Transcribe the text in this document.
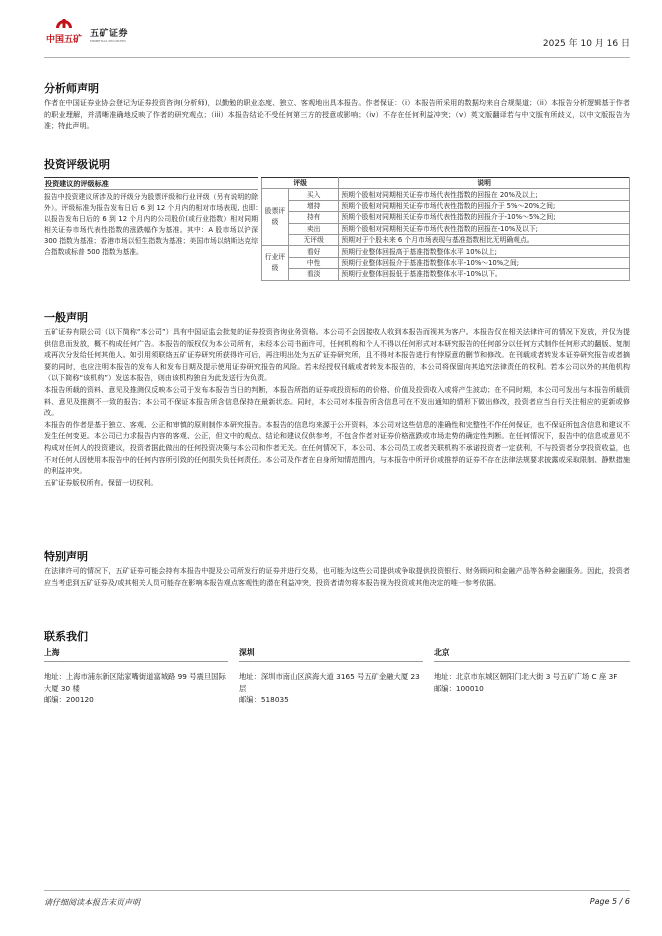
中国五矿
五矿证券
MINMETALS SECURITIES	2025 年 10 月 16 日
分析师声明

作者在中国证券业协会登记为证券投资咨询(分析师)，以勤勉的职业态度、独立、客观地出具本报告。作者保证：（i）本报告所采用的数据均来自合规渠道；（ii）本报告分析逻辑基于作者的职业理解，并清晰准确地反映了作者的研究观点；（iii）本报告结论不受任何第三方的授意或影响；（iv）不存在任何利益冲突；（v）英文版翻译若与中文版有所歧义，以中文版报告为准；特此声明。

投资评级说明
投资建议的评级标准
报告中投资建议所涉及的评级分为股票评级和行业评级（另有说明的除外）。评级标准为报告发布日后 6 到 12 个月内的相对市场表现, 也即:以报告发布日后的 6 到 12 个月内的公司股价(或行业指数）相对同期相关证券市场代表性指数的涨跌幅作为基准。其中：A 股市场以沪深 300 指数为基准；香港市场以恒生指数为基准；美国市场以纳斯达克综合指数或标普 500 指数为基准。
评级		说明
股票评级	买入	预期个股相对同期相关证券市场代表性指数的回报在 20%及以上;
	增持	预期个股相对同期相关证券市场代表性指数的回报介于 5%～20%之间;
	持有	预期个股相对同期相关证券市场代表性指数的回报介于-10%～5%之间;
	卖出	预期个股相对同期相关证券市场代表性指数的回报在-10%及以下;
	无评级	预期对于个股未来 6 个月市场表现与基准指数相比无明确观点。
行业评级	看好	预期行业整体回报高于基准指数整体水平 10%以上;
	中性	预期行业整体回报介于基准指数整体水平-10%～10%之间;
	看淡	预期行业整体回报低于基准指数整体水平-10%以下。
一般声明

五矿证券有限公司（以下简称“本公司”）具有中国证监会批复的证券投资咨询业务资格。本公司不会因接收人收到本报告而视其为客户。本报告仅在相关法律许可的情况下发放，并仅为提供信息而发放，概不构成任何广告。本报告的版权仅为本公司所有，未经本公司书面许可，任何机构和个人不得以任何形式对本研究报告的任何部分以任何方式制作任何形式的翻版、复制或再次分发给任何其他人。如引用须联络五矿证券研究所获得许可后，再注明出处为五矿证券研究所，且不得对本报告进行有悖原意的删节和修改。在刊载或者转发本证券研究报告或者摘要的同时，也应注明本报告的发布人和发布日期及提示使用证券研究报告的风险。若未经授权刊载或者转发本报告的，本公司将保留向其追究法律责任的权利。若本公司以外的其他机构（以下简称“该机构”）发送本报告，则由该机构独自为此发送行为负责。

本报告所载的资料、意见及推测仅反映本公司于发布本报告当日的判断，本报告所指的证券或投资标的的价格、价值及投资收入或将产生波动；在不同时期，本公司可发出与本报告所载资料、意见及推测不一致的报告；本公司不保证本报告所含信息保持在最新状态。同时，本公司对本报告所含信息可在不发出通知的情形下做出修改，投资者应当自行关注相应的更新或修改。

本报告的作者是基于独立、客观、公正和审慎的原则制作本研究报告。本报告的信息均来源于公开资料，本公司对这些信息的准确性和完整性不作任何保证，也不保证所包含信息和建议不发生任何变更。本公司已力求报告内容的客观、公正，但文中的观点、结论和建议仅供参考，不包含作者对证券价格涨跌或市场走势的确定性判断。在任何情况下，报告中的信息或意见不构成对任何人的投资建议，投资者据此做出的任何投资决策与本公司和作者无关。在任何情况下，本公司、本公司员工或者关联机构不承诺投资者一定获利，不与投资者分享投资收益，也不对任何人因使用本报告中的任何内容所引致的任何损失负任何责任。本公司及作者在自身所知情范围内，与本报告中所评价或推荐的证券不存在法律法规要求披露或采取限制、静默措施的利益冲突。

五矿证券版权所有。保留一切权利。

特别声明

在法律许可的情况下，五矿证券可能会持有本报告中提及公司所发行的证券并进行交易，也可能为这些公司提供或争取提供投资银行、财务顾问和金融产品等各种金融服务。因此，投资者应当考虑到五矿证券及/或其相关人员可能存在影响本报告观点客观性的潜在利益冲突，投资者请勿将本报告视为投资或其他决定的唯一参考依据。

联系我们
上海
地址：上海市浦东新区陆家嘴街道富城路 99 号震旦国际大厦 30 楼
邮编：200120
深圳
地址：深圳市南山区滨海大道 3165 号五矿金融大厦 23 层
邮编：518035
北京
地址：北京市东城区朝阳门北大街 3 号五矿广场 C 座 3F
邮编：100010
请仔细阅读本报告末页声明	Page 5 / 6
